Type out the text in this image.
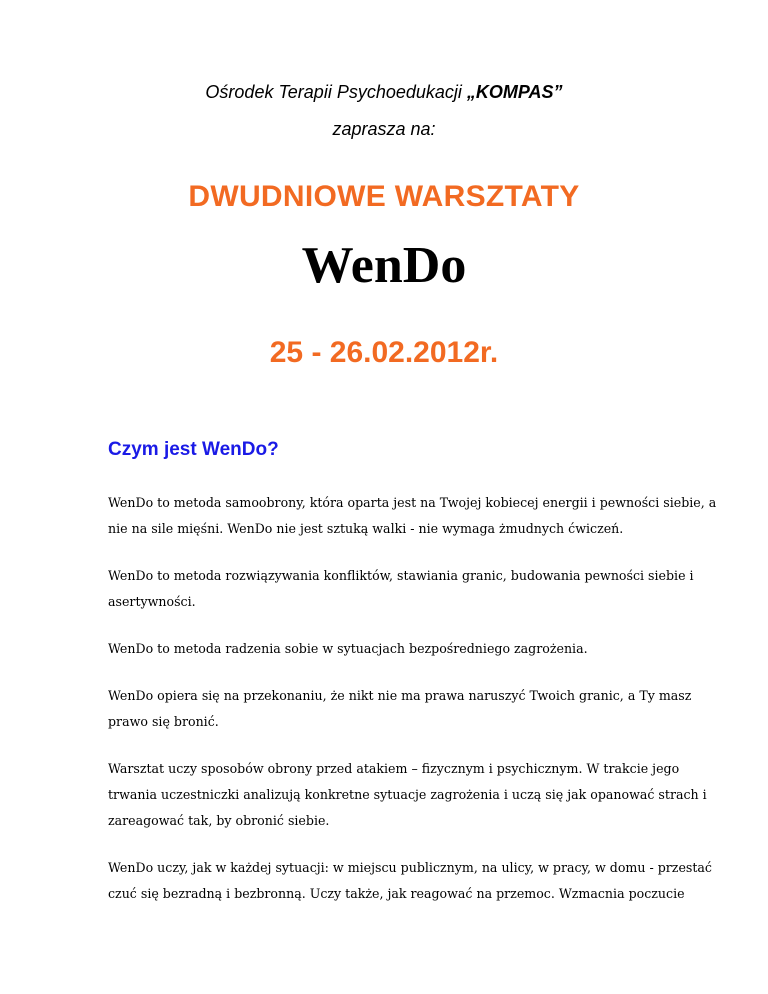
Ośrodek Terapii Psychoedukacji „KOMPAS”

zaprasza na:

DWUDNIOWE WARSZTATY
WenDo
25 - 26.02.2012r.
Czym jest WenDo?

WenDo to metoda samoobrony, która oparta jest na Twojej kobiecej energii i pewności siebie, a
nie na sile mięśni. WenDo nie jest sztuką walki - nie wymaga żmudnych ćwiczeń.

WenDo to metoda rozwiązywania konfliktów, stawiania granic, budowania pewności siebie i
asertywności.

WenDo to metoda radzenia sobie w sytuacjach bezpośredniego zagrożenia.

WenDo opiera się na przekonaniu, że nikt nie ma prawa naruszyć Twoich granic, a Ty masz
prawo się bronić.

Warsztat uczy sposobów obrony przed atakiem – fizycznym i psychicznym. W trakcie jego
trwania uczestniczki analizują konkretne sytuacje zagrożenia i uczą się jak opanować strach i
zareagować tak, by obronić siebie.

WenDo uczy, jak w każdej sytuacji: w miejscu publicznym, na ulicy, w pracy, w domu - przestać
czuć się bezradną i bezbronną. Uczy także, jak reagować na przemoc. Wzmacnia poczucie
